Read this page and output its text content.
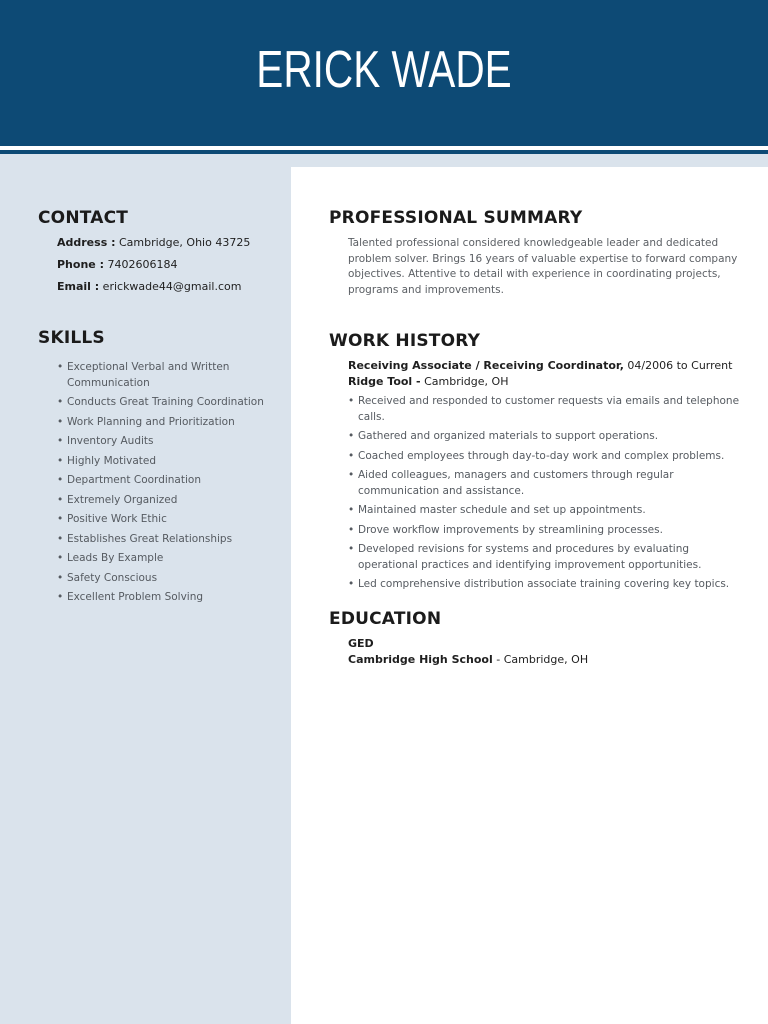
ERICK WADE
CONTACT
Address : Cambridge, Ohio 43725
Phone : 7402606184
Email : erickwade44@gmail.com
SKILLS
• Exceptional Verbal and Written Communication
• Conducts Great Training Coordination
• Work Planning and Prioritization
• Inventory Audits
• Highly Motivated
• Department Coordination
• Extremely Organized
• Positive Work Ethic
• Establishes Great Relationships
• Leads By Example
• Safety Conscious
• Excellent Problem Solving
PROFESSIONAL SUMMARY
Talented professional considered knowledgeable leader and dedicated problem solver. Brings 16 years of valuable expertise to forward company objectives. Attentive to detail with experience in coordinating projects, programs and improvements.
WORK HISTORY
Receiving Associate / Receiving Coordinator, 04/2006 to Current
Ridge Tool - Cambridge, OH
• Received and responded to customer requests via emails and telephone calls.
• Gathered and organized materials to support operations.
• Coached employees through day-to-day work and complex problems.
• Aided colleagues, managers and customers through regular communication and assistance.
• Maintained master schedule and set up appointments.
• Drove workflow improvements by streamlining processes.
• Developed revisions for systems and procedures by evaluating operational practices and identifying improvement opportunities.
• Led comprehensive distribution associate training covering key topics.
EDUCATION
GED
Cambridge High School - Cambridge, OH
